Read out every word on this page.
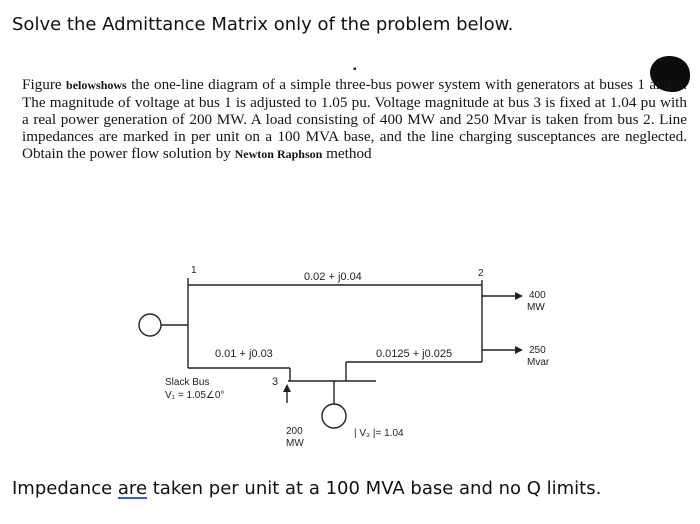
Solve the Admittance Matrix only of the problem below.
▪

Figure belowshows the one-line diagram of a simple three-bus power system with generators at buses 1 and 3. The magnitude of voltage at bus 1 is adjusted to 1.05 pu. Voltage magnitude at bus 3 is fixed at 1.04 pu with a real power generation of 200 MW. A load consisting of 400 MW and 250 Mvar is taken from bus 2. Line impedances are marked in per unit on a 100 MVA base, and the line charging susceptances are neglected. Obtain the power flow solution by Newton Raphson method

1	2
3
0.02 + j0.04
0.01 + j0.03	0.0125 + j0.025
400
MW
250
Mvar
Slack Bus
V₁ = 1.05∠0°
200
MW
| V₃ |= 1.04
Impedance are taken per unit at a 100 MVA base and no Q limits.
